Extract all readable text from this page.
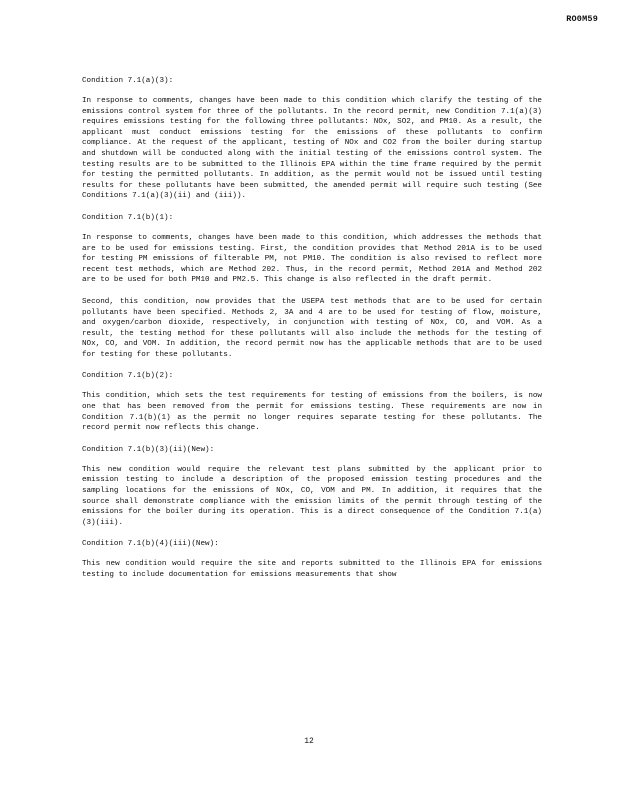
RO0M59
Condition 7.1(a)(3):

In response to comments, changes have been made to this condition which clarify the testing of the emissions control system for three of the pollutants. In the record permit, new Condition 7.1(a)(3) requires emissions testing for the following three pollutants: NOx, SO2, and PM10. As a result, the applicant must conduct emissions testing for the emissions of these pollutants to confirm compliance. At the request of the applicant, testing of NOx and CO2 from the boiler during startup and shutdown will be conducted along with the initial testing of the emissions control system. The testing results are to be submitted to the Illinois EPA within the time frame required by the permit for testing the permitted pollutants. In addition, as the permit would not be issued until testing results for these pollutants have been submitted, the amended permit will require such testing (See Conditions 7.1(a)(3)(ii) and (iii)).

Condition 7.1(b)(1):

In response to comments, changes have been made to this condition, which addresses the methods that are to be used for emissions testing. First, the condition provides that Method 201A is to be used for testing PM emissions of filterable PM, not PM10. The condition is also revised to reflect more recent test methods, which are Method 202. Thus, in the record permit, Method 201A and Method 202 are to be used for both PM10 and PM2.5. This change is also reflected in the draft permit.

Second, this condition, now provides that the USEPA test methods that are to be used for certain pollutants have been specified. Methods 2, 3A and 4 are to be used for testing of flow, moisture, and oxygen/carbon dioxide, respectively, in conjunction with testing of NOx, CO, and VOM. As a result, the testing method for these pollutants will also include the methods for the testing of NOx, CO, and VOM. In addition, the record permit now has the applicable methods that are to be used for testing for these pollutants.

Condition 7.1(b)(2):

This condition, which sets the test requirements for testing of emissions from the boilers, is now one that has been removed from the permit for emissions testing. These requirements are now in Condition 7.1(b)(1) as the permit no longer requires separate testing for these pollutants. The record permit now reflects this change.

Condition 7.1(b)(3)(ii)(New):

This new condition would require the relevant test plans submitted by the applicant prior to emission testing to include a description of the proposed emission testing procedures and the sampling locations for the emissions of NOx, CO, VOM and PM. In addition, it requires that the source shall demonstrate compliance with the emission limits of the permit through testing of the emissions for the boiler during its operation. This is a direct consequence of the Condition 7.1(a)(3)(iii).

Condition 7.1(b)(4)(iii)(New):

This new condition would require the site and reports submitted to the Illinois EPA for emissions testing to include documentation for emissions measurements that show

12
